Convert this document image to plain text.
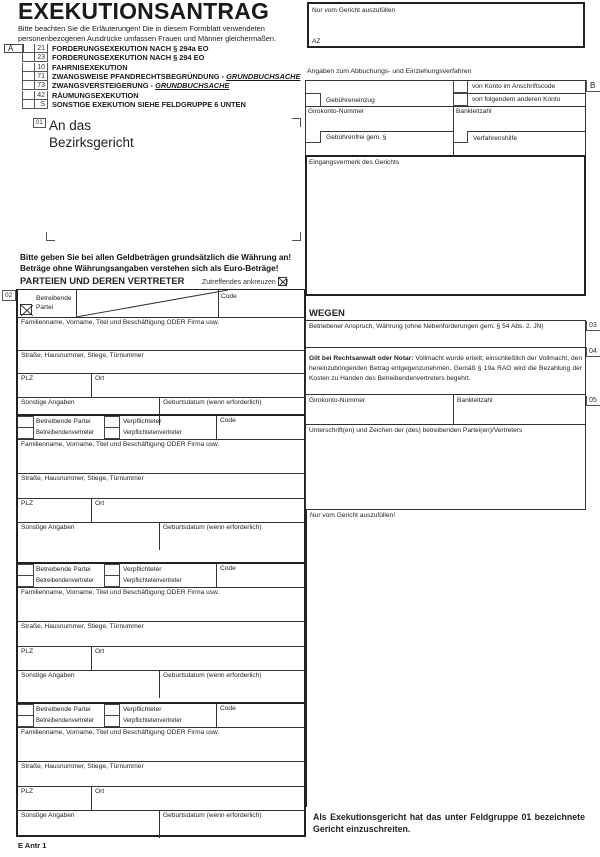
EXEKUTIONSANTRAG
Bitte beachten Sie die Erläuterungen! Die in diesem Formblatt verwendeten personenbezogenen Ausdrücke umfassen Frauen und Männer gleichermaßen.
A	21 FORDERUNGSEXEKUTION NACH § 294a EO
23 FORDERUNGSEXEKUTION NACH § 294 EO
10 FAHRNISEXEKUTION
71 ZWANGSWEISE PFANDRECHTSBEGRÜNDUNG - GRUNDBUCHSACHE
73 ZWANGSVERSTEIGERUNG - GRUNDBUCHSACHE
42 RÄUMUNGSEXEKUTION
S SONSTIGE EXEKUTION SIEHE FELDGRUPPE 6 UNTEN
Nur vom Gericht auszufüllen
AZ
01 An das
Bezirksgericht
Angaben zum Abbuchungs- und Einziehungsverfahren
Gebühreneinzug
von Konto im Anschriftscode
von folgendem anderen Konto
Girokonto-Nummer	Bankleitzahl
Gebührenfrei gem. §	Verfahrenshilfe
B
Eingangsvermerk des Gerichts
Bitte geben Sie bei allen Geldbeträgen grundsätzlich die Währung an!
Beträge ohne Währungsangaben verstehen sich als Euro-Beträge!
PARTEIEN UND DEREN VERTRETER	Zutreffendes ankreuzen ☒!
02	Betreibende Partei
Code
Familienname, Vorname, Titel und Beschäftigung ODER Firma usw.
Straße, Hausnummer, Stiege, Türnummer
PLZ	Ort
Sonstige Angaben	Geburtsdatum (wenn erforderlich)
Betreibende Partei
Betreibendenvertreter
Verpflichteter
Verpflichtetenvertreter
Code
Familienname, Vorname, Titel und Beschäftigung ODER Firma usw.
Straße, Hausnummer, Stiege, Türnummer
PLZ	Ort
Sonstige Angaben	Geburtsdatum (wenn erforderlich)
Betreibende Partei
Betreibendenvertreter
Verpflichteter
Verpflichtetenvertreter
Code
Familienname, Vorname, Titel und Beschäftigung ODER Firma usw.
Straße, Hausnummer, Stiege, Türnummer
PLZ	Ort
Sonstige Angaben	Geburtsdatum (wenn erforderlich)
Betreibende Partei
Betreibendenvertreter
Verpflichteter
Verpflichtetenvertreter
Code
Familienname, Vorname, Titel und Beschäftigung ODER Firma usw.
Straße, Hausnummer, Stiege, Türnummer
PLZ	Ort
Sonstige Angaben	Geburtsdatum (wenn erforderlich)
WEGEN
Betriebener Anspruch, Währung (ohne Nebenforderungen gem. § 54 Abs. 2. JN)
Gilt bei Rechtsanwalt oder Notar: Vollmacht wurde erteilt; einschließlich der Vollmacht, den hereinzubringenden Betrag entgegenzunehmen. Gemäß § 19a RAO wird die Bezahlung der Kosten zu Handen des Betreibendenvertreters begehrt.
Girokonto-Nummer	Bankleitzahl
Unterschrift(en) und Zeichen der (des) betreibenden Partei(en)/Vertreters
03
04
05
Nur vom Gericht auszufüllen!
Als Exekutionsgericht hat das unter Feldgruppe 01 bezeichnete Gericht einzuschreiten.
E Antr 1
